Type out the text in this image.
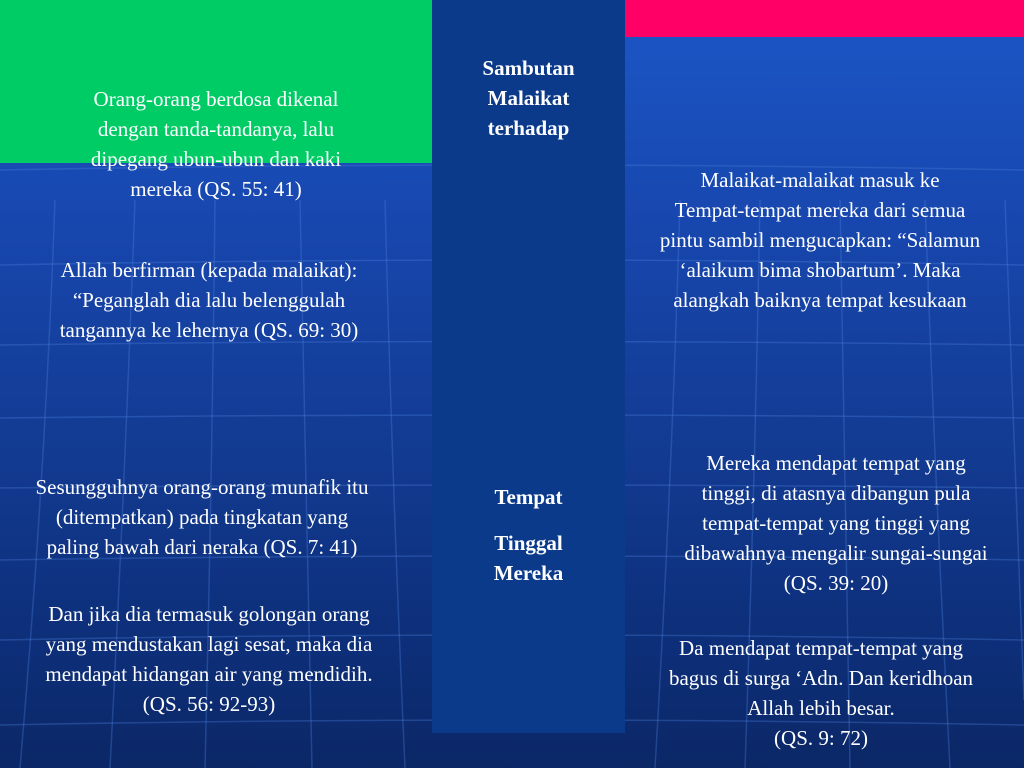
Sambutan
Malaikat
terhadap
Tempat
Tinggal
Mereka
Orang-orang berdosa dikenal
dengan tanda-tandanya, lalu
dipegang ubun-ubun dan kaki
mereka (QS. 55: 41)
Allah berfirman (kepada malaikat):
“Peganglah dia lalu belenggulah
tangannya ke lehernya (QS. 69: 30)
Sesungguhnya orang-orang munafik itu
(ditempatkan) pada tingkatan yang
paling bawah dari neraka (QS. 7: 41)
Dan jika dia termasuk golongan orang
yang mendustakan lagi sesat, maka dia
mendapat hidangan air yang mendidih.
(QS. 56: 92-93)
Malaikat-malaikat masuk ke
Tempat-tempat mereka dari semua
pintu sambil mengucapkan: “Salamun
‘alaikum bima shobartum’. Maka
alangkah baiknya tempat kesukaan
Mereka mendapat tempat yang
tinggi, di atasnya dibangun pula
tempat-tempat yang tinggi yang
dibawahnya mengalir sungai-sungai
(QS. 39: 20)
Da mendapat tempat-tempat yang
bagus di surga ‘Adn. Dan keridhoan
Allah lebih besar.
(QS. 9: 72)
